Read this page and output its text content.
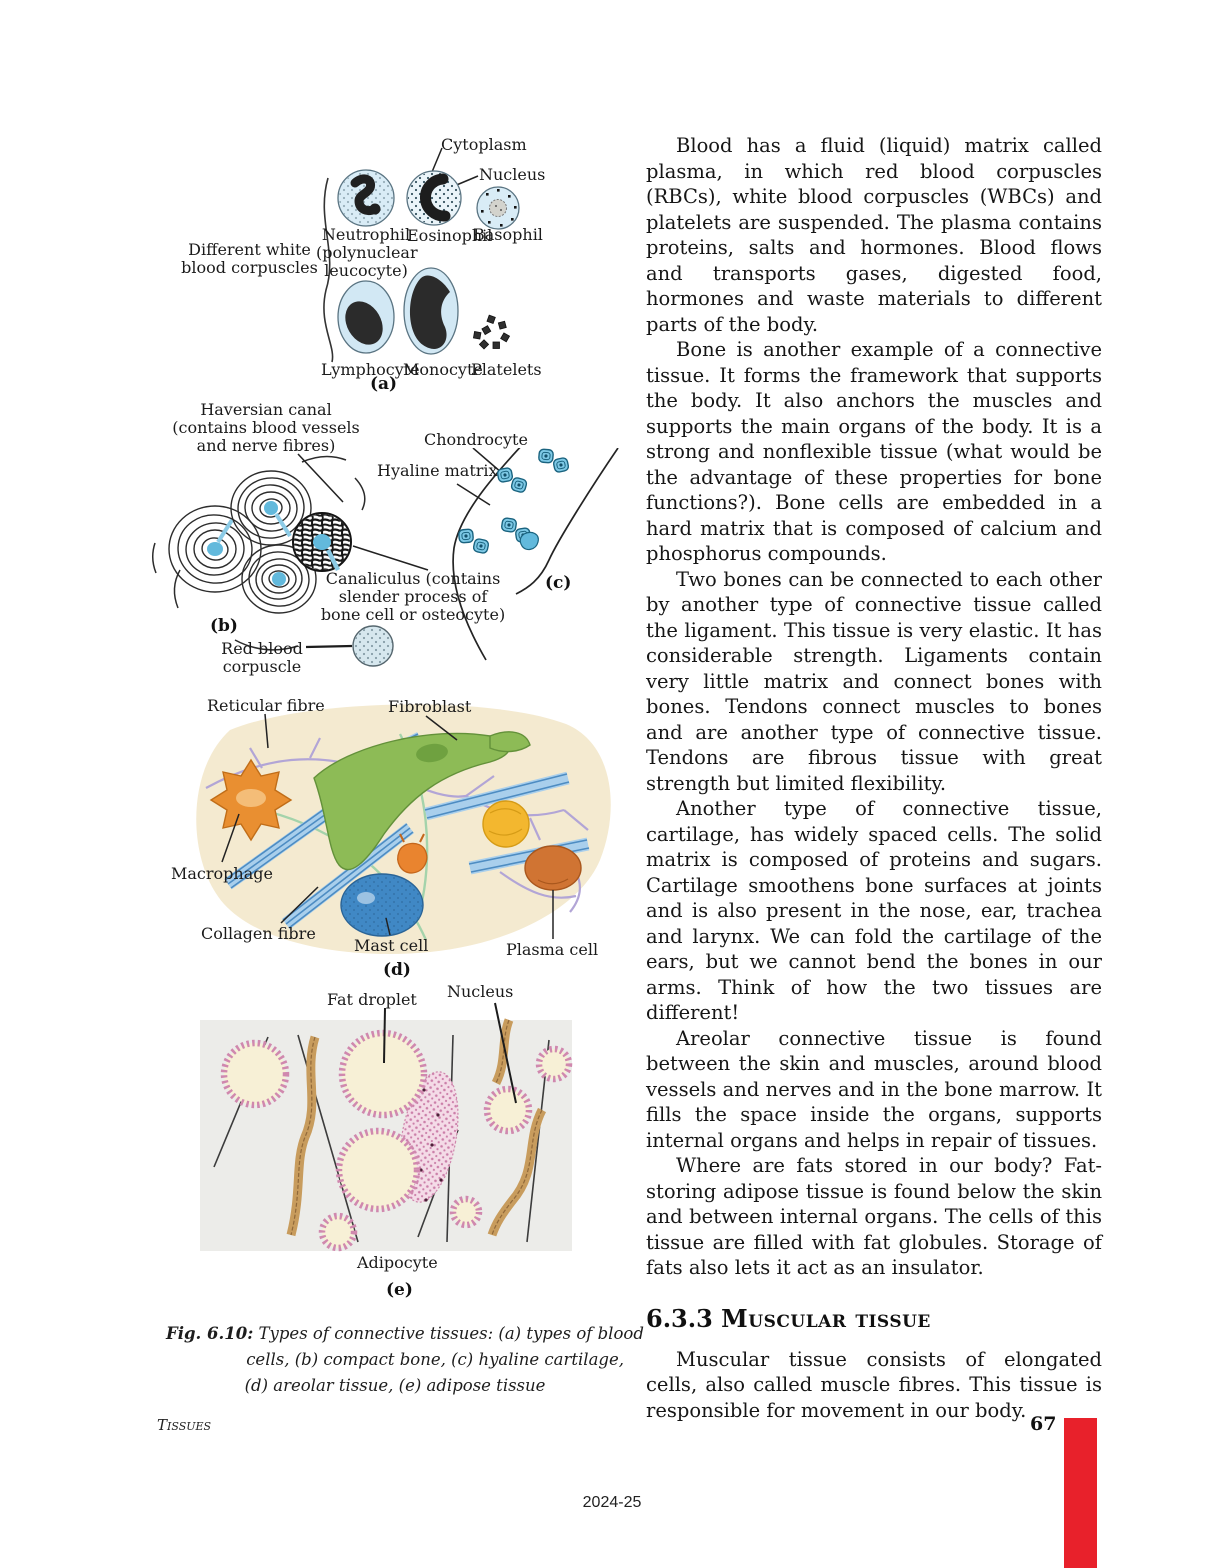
Cytoplasm
Nucleus
Different white blood corpuscles
Neutrophil (polynuclear leucocyte)
Eosinophil
Basophil
Lymphocyte
Monocyte
Platelets
(a)
Haversian canal (contains blood vessels and nerve fibres)
Canaliculus (contains slender process of bone cell or osteocyte)
(b)
Red blood corpuscle
Chondrocyte
Hyaline matrix
(c)
Reticular fibre	Fibroblast
Macrophage
Collagen fibre
Mast cell	Plasma cell
(d)
Fat droplet Nucleus
Adipocyte
(e)
Fig. 6.10: Types of connective tissues: (a) types of blood
cells, (b) compact bone, (c) hyaline cartilage,
(d) areolar tissue, (e) adipose tissue

Blood has a fluid (liquid) matrix called plasma, in which red blood corpuscles (RBCs), white blood corpuscles (WBCs) and platelets are suspended. The plasma contains proteins, salts and hormones. Blood flows and transports gases, digested food, hormones and waste materials to different parts of the body.

Bone is another example of a connective tissue. It forms the framework that supports the body. It also anchors the muscles and supports the main organs of the body. It is a strong and nonflexible tissue (what would be the advantage of these properties for bone functions?). Bone cells are embedded in a hard matrix that is composed of calcium and phosphorus compounds.

Two bones can be connected to each other by another type of connective tissue called the ligament. This tissue is very elastic. It has considerable strength. Ligaments contain very little matrix and connect bones with bones. Tendons connect muscles to bones and are another type of connective tissue. Tendons are fibrous tissue with great strength but limited flexibility.

Another type of connective tissue, cartilage, has widely spaced cells. The solid matrix is composed of proteins and sugars. Cartilage smoothens bone surfaces at joints and is also present in the nose, ear, trachea and larynx. We can fold the cartilage of the ears, but we cannot bend the bones in our arms. Think of how the two tissues are different!

Areolar connective tissue is found between the skin and muscles, around blood vessels and nerves and in the bone marrow. It fills the space inside the organs, supports internal organs and helps in repair of tissues.

Where are fats stored in our body? Fat-storing adipose tissue is found below the skin and between internal organs. The cells of this tissue are filled with fat globules. Storage of fats also lets it act as an insulator.

6.3.3 Muscular tissue

Muscular tissue consists of elongated cells, also called muscle fibres. This tissue is responsible for movement in our body.

Tissues	67
2024-25
